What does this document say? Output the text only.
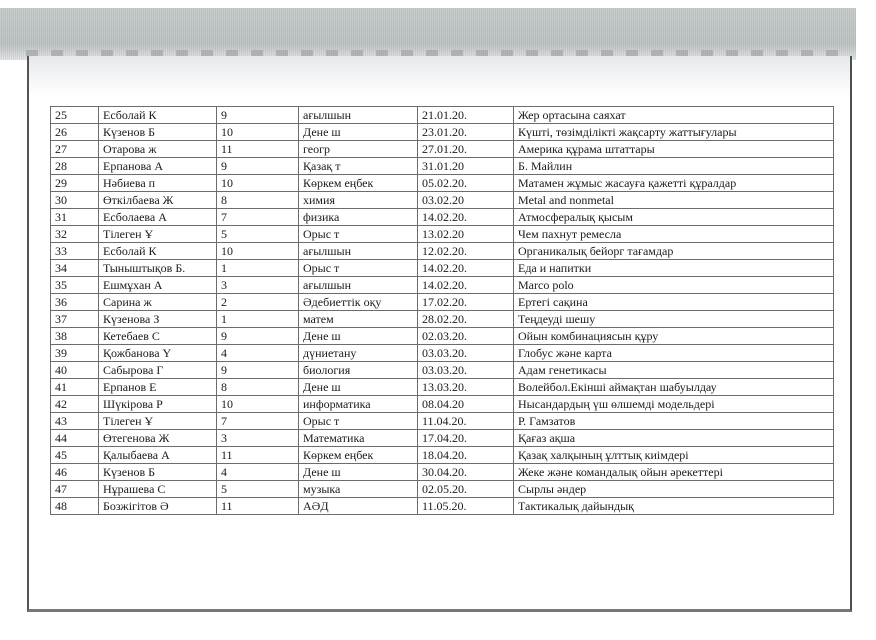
25	Есболай К	9	ағылшын	21.01.20.	Жер ортасына саяхат
26	Күзенов Б	10	Дене ш	23.01.20.	Күшті, төзімділікті жақсарту жаттығулары
27	Отарова ж	11	геогр	27.01.20.	Америка құрама штаттары
28	Ерпанова А	9	Қазақ т	31.01.20	Б. Майлин
29	Нәбиева п	10	Көркем еңбек	05.02.20.	Матамен жұмыс жасауға қажетті құралдар
30	Өткілбаева Ж	8	химия	03.02.20	Metal and nonmetal
31	Есболаева А	7	физика	14.02.20.	Атмосфералық қысым
32	Тілеген Ұ	5	Орыс т	13.02.20	Чем пахнут ремесла
33	Есболай К	10	ағылшын	12.02.20.	Органикалық бейорг тағамдар
34	Тыныштықов Б.	1	Орыс т	14.02.20.	Еда и напитки
35	Ешмұхан А	3	ағылшын	14.02.20.	Marco polo
36	Сарина ж	2	Әдебиеттік оқу	17.02.20.	Ертегі сақина
37	Күзенова З	1	матем	28.02.20.	Теңдеуді шешу
38	Кетебаев С	9	Дене ш	02.03.20.	Ойын комбинациясын құру
39	Қожбанова Ү	4	дүниетану	03.03.20.	Глобус және карта
40	Сабырова Г	9	биология	03.03.20.	Адам генетикасы
41	Ерпанов Е	8	Дене ш	13.03.20.	Волейбол.Екінші аймақтан шабуылдау
42	Шүкірова Р	10	информатика	08.04.20	Нысандардың үш өлшемді модельдері
43	Тілеген Ұ	7	Орыс т	11.04.20.	Р. Гамзатов
44	Өтегенова Ж	3	Математика	17.04.20.	Қағаз ақша
45	Қалыбаева А	11	Көркем еңбек	18.04.20.	Қазақ халқының ұлттық киімдері
46	Күзенов Б	4	Дене ш	30.04.20.	Жеке және командалық ойын әрекеттері
47	Нұрашева С	5	музыка	02.05.20.	Сырлы әндер
48	Бозжігітов Ә	11	АӘД	11.05.20.	Тактикалық дайындық
